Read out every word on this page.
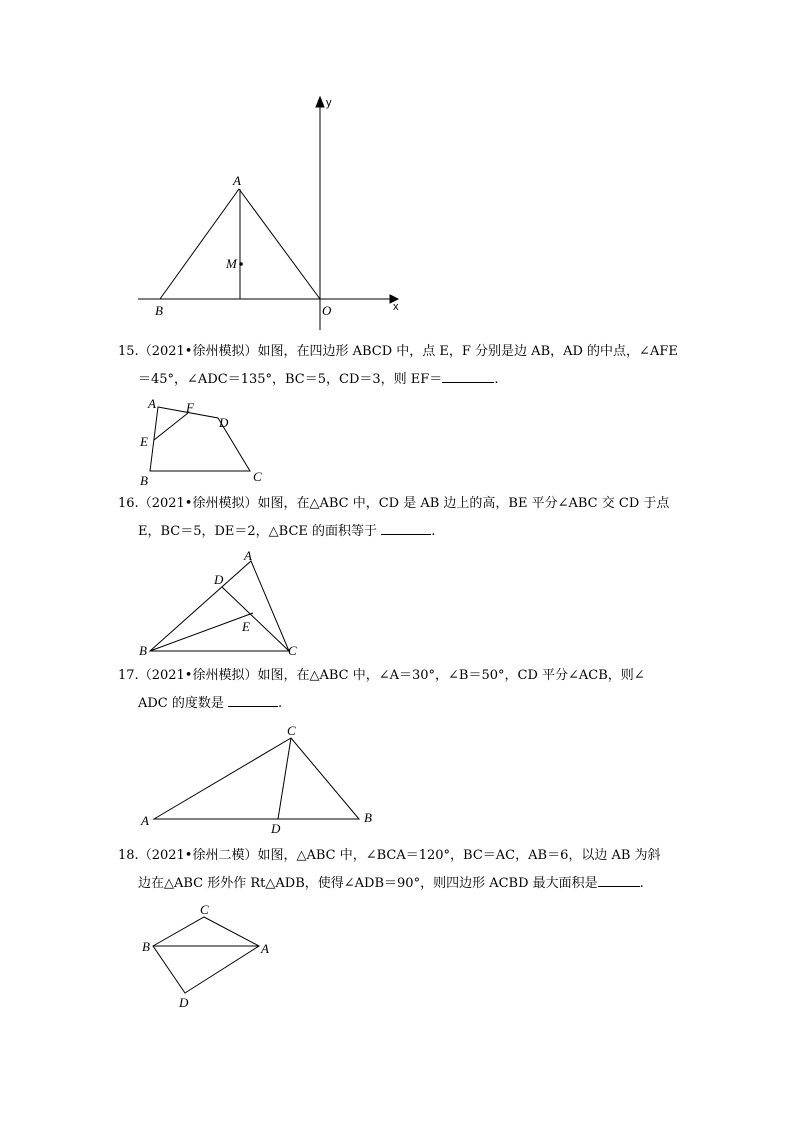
y
x
A
M
B	O
15.（2021•徐州模拟）如图，在四边形 ABCD 中，点 E，F 分别是边 AB，AD 的中点，∠AFE
＝45°，∠ADC＝135°，BC＝5，CD＝3，则 EF＝	.
A F
D
E
B	C
16.（2021•徐州模拟）如图，在△ABC 中，CD 是 AB 边上的高，BE 平分∠ABC 交 CD 于点
E，BC＝5，DE＝2，△BCE 的面积等于	.
A
D
E
B	C
17.（2021•徐州模拟）如图，在△ABC 中，∠A＝30°，∠B＝50°，CD 平分∠ACB，则∠
ADC 的度数是	.
C
A
D
B
18.（2021•徐州二模）如图，△ABC 中，∠BCA＝120°，BC＝AC，AB＝6，以边 AB 为斜
边在△ABC 形外作 Rt△ADB，使得∠ADB＝90°，则四边形 ACBD 最大面积是	.
C
B	A
D
